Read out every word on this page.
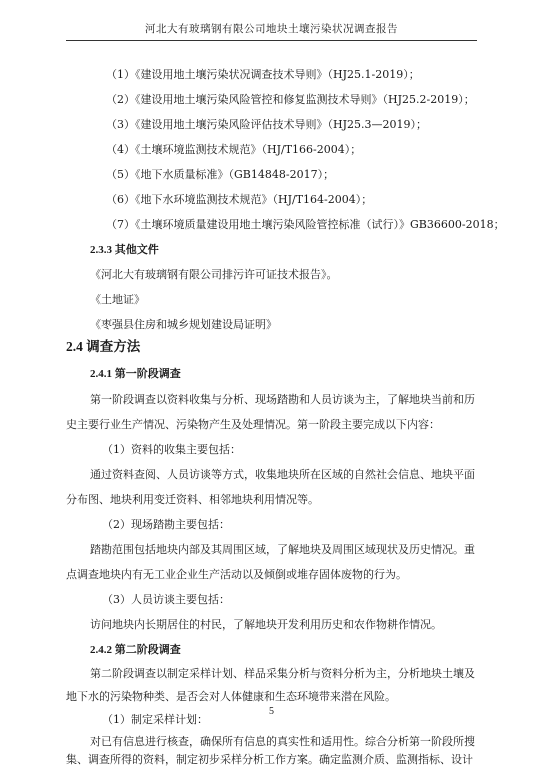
河北大有玻璃钢有限公司地块土壤污染状况调查报告
（1）《建设用地土壤污染状况调查技术导则》（HJ25.1-2019）；
（2）《建设用地土壤污染风险管控和修复监测技术导则》（HJ25.2-2019）；
（3）《建设用地土壤污染风险评估技术导则》（HJ25.3—2019）；
（4）《土壤环境监测技术规范》（HJ/T166-2004）；
（5）《地下水质量标准》（GB14848-2017）；
（6）《地下水环境监测技术规范》（HJ/T164-2004）；
（7）《土壤环境质量建设用地土壤污染风险管控标准（试行）》GB36600-2018；
2.3.3 其他文件
《河北大有玻璃钢有限公司排污许可证技术报告》。
《土地证》
《枣强县住房和城乡规划建设局证明》
2.4 调查方法
2.4.1 第一阶段调查
第一阶段调查以资料收集与分析、现场踏勘和人员访谈为主，了解地块当前和历
史主要行业生产情况、污染物产生及处理情况。第一阶段主要完成以下内容：
（1）资料的收集主要包括：
通过资料查阅、人员访谈等方式，收集地块所在区域的自然社会信息、地块平面
分布图、地块利用变迁资料、相邻地块利用情况等。
（2）现场踏勘主要包括：
踏勘范围包括地块内部及其周围区域，了解地块及周围区域现状及历史情况。重
点调查地块内有无工业企业生产活动以及倾倒或堆存固体废物的行为。
（3）人员访谈主要包括：
访问地块内长期居住的村民，了解地块开发利用历史和农作物耕作情况。
2.4.2 第二阶段调查
第二阶段调查以制定采样计划、样品采集分析与资料分析为主，分析地块土壤及
地下水的污染物种类、是否会对人体健康和生态环境带来潜在风险。
（1）制定采样计划：
对已有信息进行核查，确保所有信息的真实性和适用性。综合分析第一阶段所搜
集、调查所得的资料，制定初步采样分析工作方案。确定监测介质、监测指标、设计
5
